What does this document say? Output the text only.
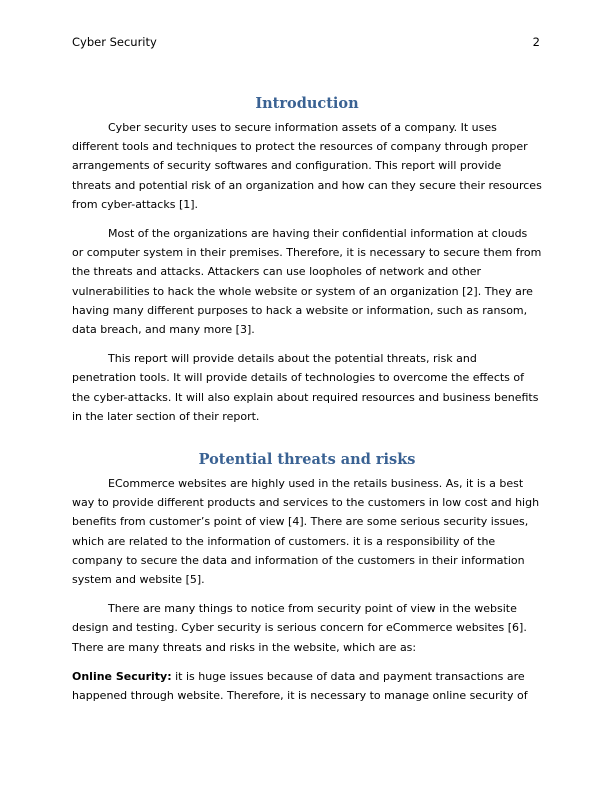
Cyber Security	2
Introduction

Cyber security uses to secure information assets of a company. It uses different tools and techniques to protect the resources of company through proper arrangements of security softwares and configuration. This report will provide threats and potential risk of an organization and how can they secure their resources from cyber-attacks [1].

Most of the organizations are having their confidential information at clouds or computer system in their premises. Therefore, it is necessary to secure them from the threats and attacks. Attackers can use loopholes of network and other vulnerabilities to hack the whole website or system of an organization [2]. They are having many different purposes to hack a website or information, such as ransom, data breach, and many more [3].

This report will provide details about the potential threats, risk and penetration tools. It will provide details of technologies to overcome the effects of the cyber-attacks. It will also explain about required resources and business benefits in the later section of their report.

Potential threats and risks

ECommerce websites are highly used in the retails business. As, it is a best way to provide different products and services to the customers in low cost and high benefits from customer’s point of view [4]. There are some serious security issues, which are related to the information of customers. it is a responsibility of the company to secure the data and information of the customers in their information system and website [5].

There are many things to notice from security point of view in the website design and testing. Cyber security is serious concern for eCommerce websites [6]. There are many threats and risks in the website, which are as:

Online Security: it is huge issues because of data and payment transactions are happened through website. Therefore, it is necessary to manage online security of
